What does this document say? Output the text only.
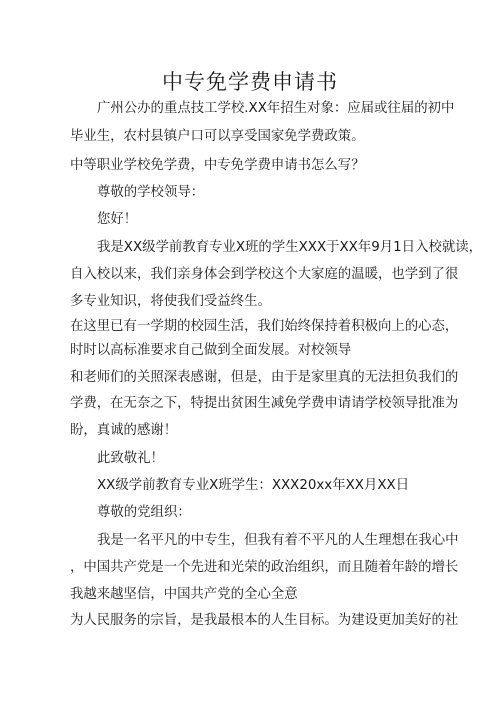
中专免学费申请书
广州公办的重点技工学校.XX年招生对象：应届或往届的初中
毕业生，农村县镇户口可以享受国家免学费政策。
中等职业学校免学费，中专免学费申请书怎么写？
尊敬的学校领导：
您好！
我是XX级学前教育专业X班的学生XXX于XX年9月1日入校就读，
自入校以来，我们亲身体会到学校这个大家庭的温暖，也学到了很
多专业知识，将使我们受益终生。
在这里已有一学期的校园生活，我们始终保持着积极向上的心态，
时时以高标准要求自己做到全面发展。对校领导
和老师们的关照深表感谢，但是，由于是家里真的无法担负我们的
学费，在无奈之下，特提出贫困生减免学费申请请学校领导批准为
盼，真诚的感谢！
此致敬礼！
XX级学前教育专业X班学生：XXX20xx年XX月XX日
尊敬的党组织：
我是一名平凡的中专生，但我有着不平凡的人生理想在我心中
，中国共产党是一个先进和光荣的政治组织，而且随着年龄的增长
我越来越坚信，中国共产党的全心全意
为人民服务的宗旨，是我最根本的人生目标。为建设更加美好的社
